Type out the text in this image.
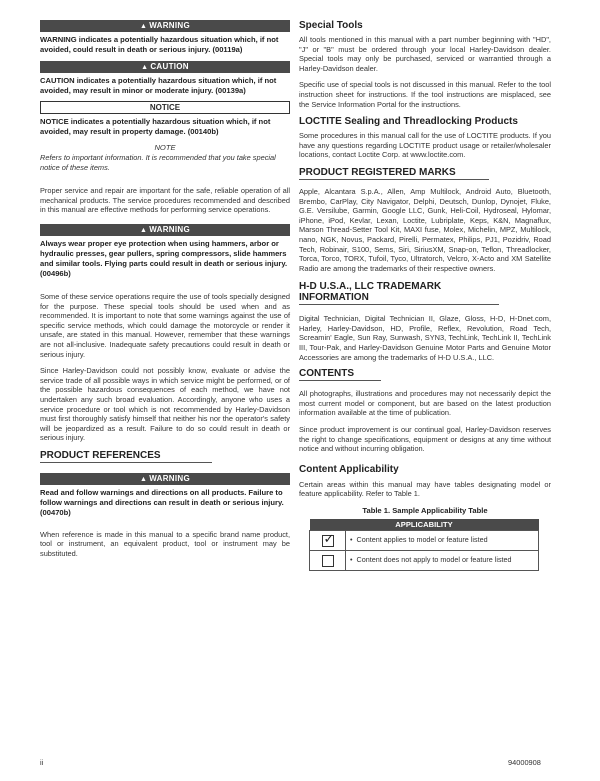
▲ WARNING
WARNING indicates a potentially hazardous situation which, if not avoided, could result in death or serious injury. (00119a)
▲ CAUTION
CAUTION indicates a potentially hazardous situation which, if not avoided, may result in minor or moderate injury. (00139a)
NOTICE
NOTICE indicates a potentially hazardous situation which, if not avoided, may result in property damage. (00140b)
NOTE
Refers to important information. It is recommended that you take special notice of these items.
Proper service and repair are important for the safe, reliable operation of all mechanical products. The service procedures recommended and described in this manual are effective methods for performing service operations.
▲ WARNING
Always wear proper eye protection when using hammers, arbor or hydraulic presses, gear pullers, spring compressors, slide hammers and similar tools. Flying parts could result in death or serious injury. (00496b)
Some of these service operations require the use of tools specially designed for the purpose. These special tools should be used when and as recommended. It is important to note that some warnings against the use of specific service methods, which could damage the motorcycle or render it unsafe, are stated in this manual. However, remember that these warnings are not all-inclusive. Inadequate safety precautions could result in death or serious injury.
Since Harley-Davidson could not possibly know, evaluate or advise the service trade of all possible ways in which service might be performed, or of the possible hazardous consequences of each method, we have not undertaken any such broad evaluation. Accordingly, anyone who uses a service procedure or tool which is not recommended by Harley-Davidson must first thoroughly satisfy himself that neither his nor the operator's safety will be jeopardized as a result. Failure to do so could result in death or serious injury.
PRODUCT REFERENCES
▲ WARNING
Read and follow warnings and directions on all products. Failure to follow warnings and directions can result in death or serious injury. (00470b)
When reference is made in this manual to a specific brand name product, tool or instrument, an equivalent product, tool or instrument may be substituted.
Special Tools
All tools mentioned in this manual with a part number beginning with "HD", "J" or "B" must be ordered through your local Harley-Davidson dealer. Special tools may only be purchased, serviced or warrantied through a Harley-Davidson dealer.
Specific use of special tools is not discussed in this manual. Refer to the tool instruction sheet for instructions. If the tool instructions are misplaced, see the Service Information Portal for the instructions.
LOCTITE Sealing and Threadlocking Products
Some procedures in this manual call for the use of LOCTITE products. If you have any questions regarding LOCTITE product usage or retailer/wholesaler locations, contact Loctite Corp. at www.loctite.com.
PRODUCT REGISTERED MARKS
Apple, Alcantara S.p.A., Allen, Amp Multilock, Android Auto, Bluetooth, Brembo, CarPlay, City Navigator, Delphi, Deutsch, Dunlop, Dynojet, Fluke, G.E. Versilube, Garmin, Google LLC, Gunk, Heli-Coil, Hydroseal, Hylomar, iPhone, iPod, Kevlar, Lexan, Loctite, Lubriplate, Keps, K&N, Magnaflux, Marson Thread-Setter Tool Kit, MAXI fuse, Molex, Michelin, MPZ, Multilock, nano, NGK, Novus, Packard, Pirelli, Permatex, Philips, PJ1, Pozidriv, Road Tech, Robinair, S100, Sems, Siri, SiriusXM, Snap-on, Teflon, Threadlocker, Torca, Torco, TORX, Tufoil, Tyco, Ultratorch, Velcro, X-Acto and XM Satellite Radio are among the trademarks of their respective owners.
H-D U.S.A., LLC TRADEMARK INFORMATION
Digital Technician, Digital Technician II, Glaze, Gloss, H-D, H-Dnet.com, Harley, Harley-Davidson, HD, Profile, Reflex, Revolution, Road Tech, Screamin' Eagle, Sun Ray, Sunwash, SYN3, TechLink, TechLink II, TechLink III, Tour-Pak, and Harley-Davidson Genuine Motor Parts and Genuine Motor Accessories are among the trademarks of H-D U.S.A., LLC.
CONTENTS
All photographs, illustrations and procedures may not necessarily depict the most current model or component, but are based on the latest production information available at the time of publication.
Since product improvement is our continual goal, Harley-Davidson reserves the right to change specifications, equipment or designs at any time without notice and without incurring obligation.
Content Applicability
Certain areas within this manual may have tables designating model or feature applicability. Refer to Table 1.
Table 1. Sample Applicability Table
APPLICABILITY	

✓	•  Content applies to model or feature listed
	•  Content does not apply to model or feature listed
ii	94000908
